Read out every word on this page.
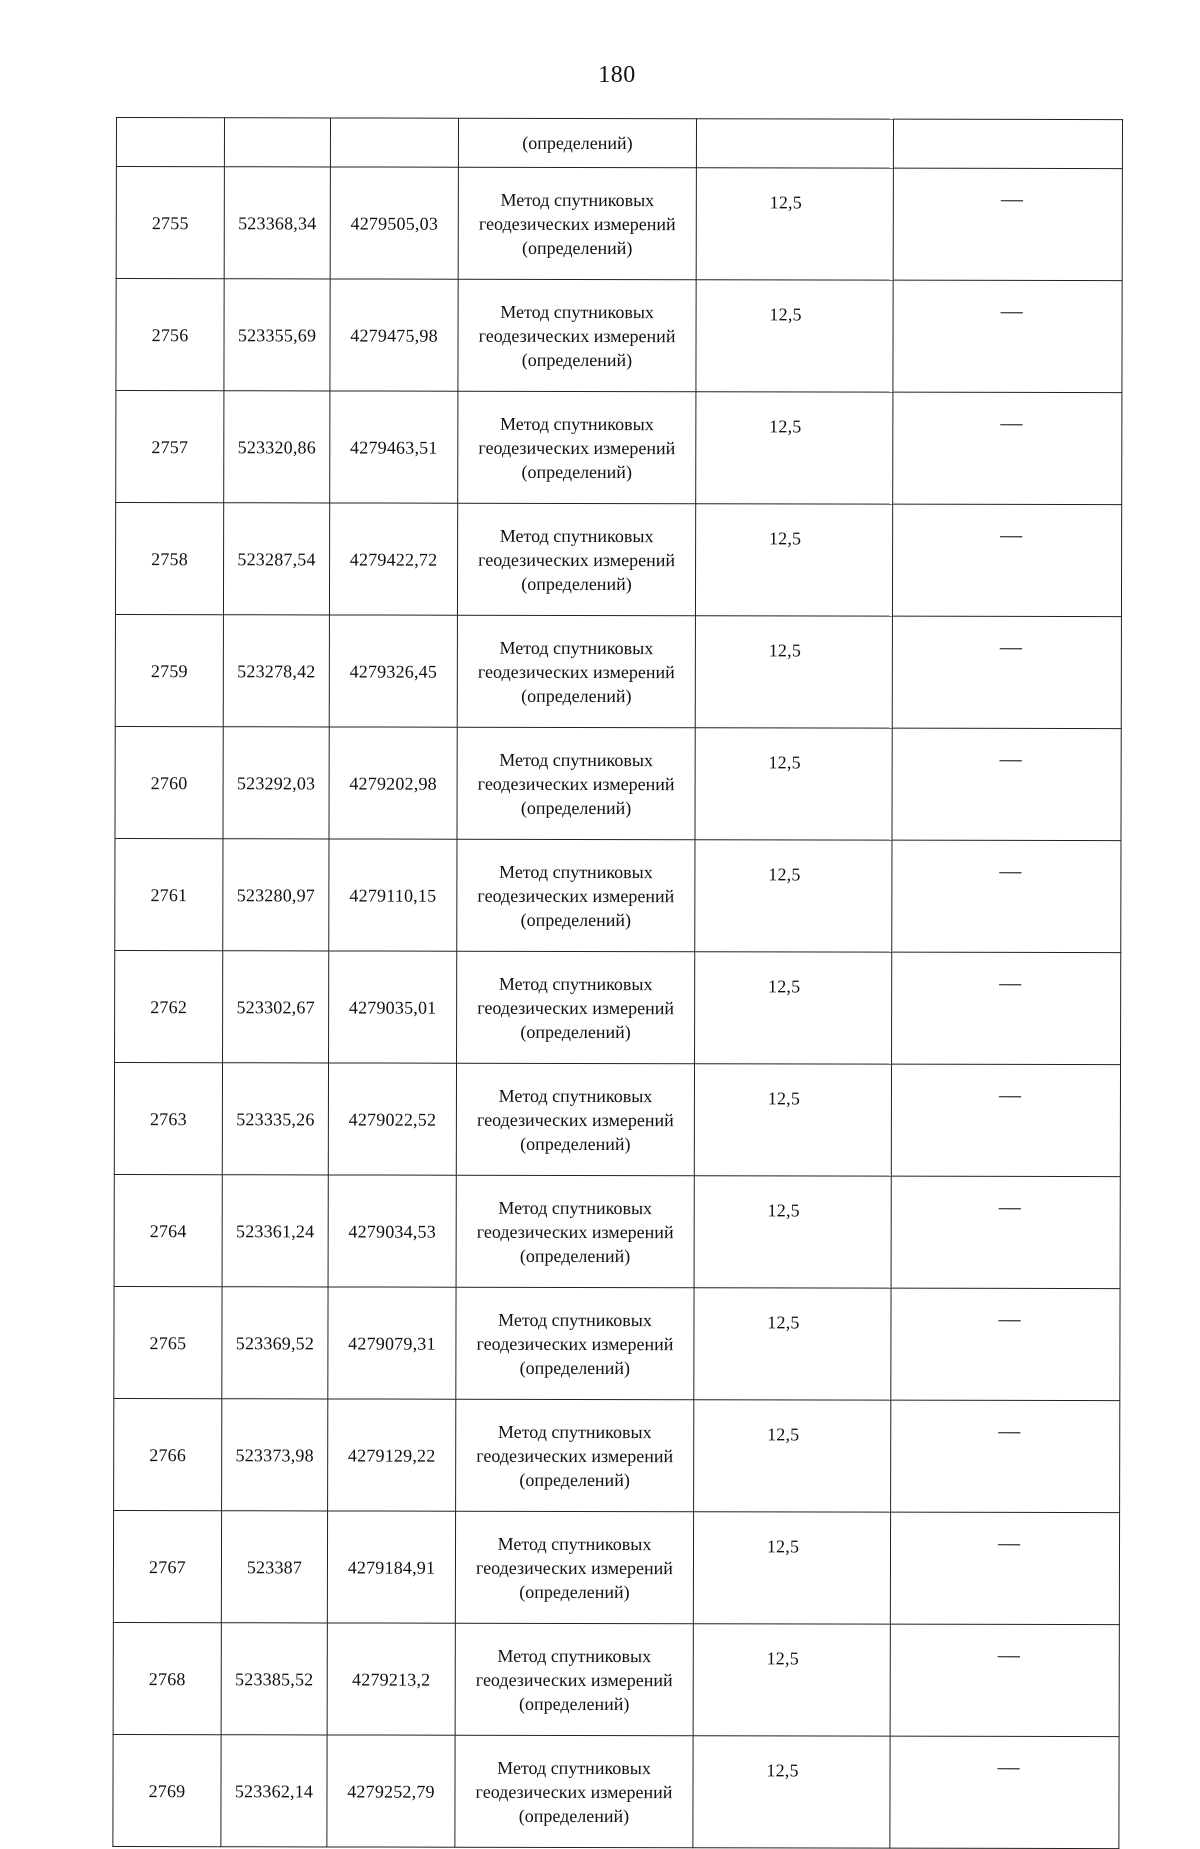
180
			(определений)		
2755	523368,34	4279505,03	Метод спутниковых
геодезических измерений
(определений)	12,5	—
2756	523355,69	4279475,98	Метод спутниковых
геодезических измерений
(определений)	12,5	—
2757	523320,86	4279463,51	Метод спутниковых
геодезических измерений
(определений)	12,5	—
2758	523287,54	4279422,72	Метод спутниковых
геодезических измерений
(определений)	12,5	—
2759	523278,42	4279326,45	Метод спутниковых
геодезических измерений
(определений)	12,5	—
2760	523292,03	4279202,98	Метод спутниковых
геодезических измерений
(определений)	12,5	—
2761	523280,97	4279110,15	Метод спутниковых
геодезических измерений
(определений)	12,5	—
2762	523302,67	4279035,01	Метод спутниковых
геодезических измерений
(определений)	12,5	—
2763	523335,26	4279022,52	Метод спутниковых
геодезических измерений
(определений)	12,5	—
2764	523361,24	4279034,53	Метод спутниковых
геодезических измерений
(определений)	12,5	—
2765	523369,52	4279079,31	Метод спутниковых
геодезических измерений
(определений)	12,5	—
2766	523373,98	4279129,22	Метод спутниковых
геодезических измерений
(определений)	12,5	—
2767	523387	4279184,91	Метод спутниковых
геодезических измерений
(определений)	12,5	—
2768	523385,52	4279213,2	Метод спутниковых
геодезических измерений
(определений)	12,5	—
2769	523362,14	4279252,79	Метод спутниковых
геодезических измерений
(определений)	12,5	—
